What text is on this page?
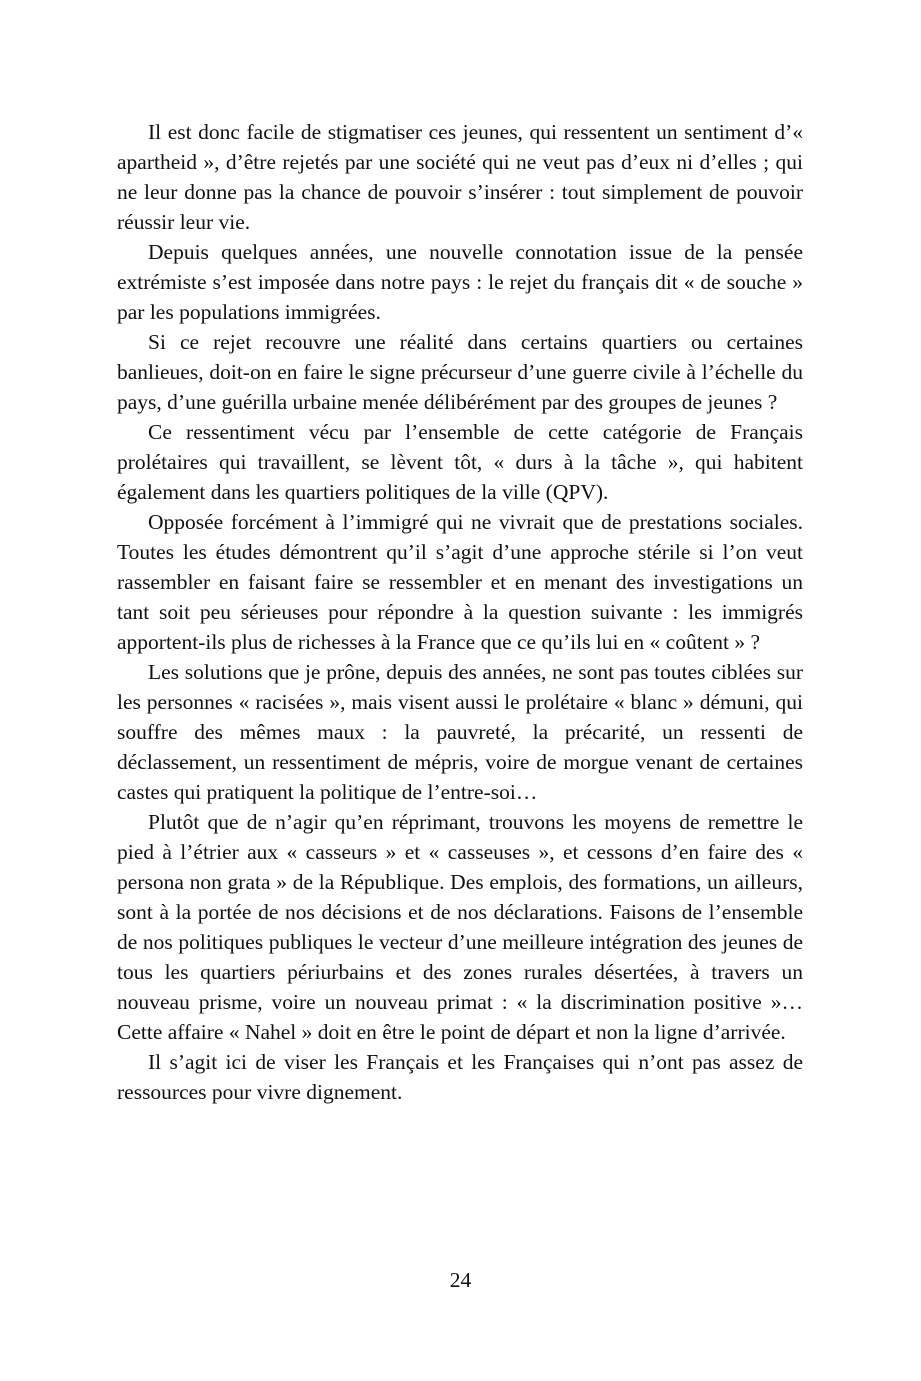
Il est donc facile de stigmatiser ces jeunes, qui ressentent un sentiment d’« apartheid », d’être rejetés par une société qui ne veut pas d’eux ni d’elles ; qui ne leur donne pas la chance de pouvoir s’insérer : tout simplement de pouvoir réussir leur vie.

Depuis quelques années, une nouvelle connotation issue de la pensée extrémiste s’est imposée dans notre pays : le rejet du français dit « de souche » par les populations immigrées.

Si ce rejet recouvre une réalité dans certains quartiers ou certaines banlieues, doit-on en faire le signe précurseur d’une guerre civile à l’échelle du pays, d’une guérilla urbaine menée délibérément par des groupes de jeunes ?

Ce ressentiment vécu par l’ensemble de cette catégorie de Français prolétaires qui travaillent, se lèvent tôt, « durs à la tâche », qui habitent également dans les quartiers politiques de la ville (QPV).

Opposée forcément à l’immigré qui ne vivrait que de prestations sociales. Toutes les études démontrent qu’il s’agit d’une approche stérile si l’on veut rassembler en faisant faire se ressembler et en menant des investigations un tant soit peu sérieuses pour répondre à la question suivante : les immigrés apportent-ils plus de richesses à la France que ce qu’ils lui en « coûtent » ?

Les solutions que je prône, depuis des années, ne sont pas toutes ciblées sur les personnes « racisées », mais visent aussi le prolétaire « blanc » démuni, qui souffre des mêmes maux : la pauvreté, la précarité, un ressenti de déclassement, un ressentiment de mépris, voire de morgue venant de certaines castes qui pratiquent la politique de l’entre-soi…

Plutôt que de n’agir qu’en réprimant, trouvons les moyens de remettre le pied à l’étrier aux « casseurs » et « casseuses », et cessons d’en faire des « persona non grata » de la République. Des emplois, des formations, un ailleurs, sont à la portée de nos décisions et de nos déclarations. Faisons de l’ensemble de nos politiques publiques le vecteur d’une meilleure intégration des jeunes de tous les quartiers périurbains et des zones rurales désertées, à travers un nouveau prisme, voire un nouveau primat : « la discrimination positive »… Cette affaire « Nahel » doit en être le point de départ et non la ligne d’arrivée.

Il s’agit ici de viser les Français et les Françaises qui n’ont pas assez de ressources pour vivre dignement.

24
